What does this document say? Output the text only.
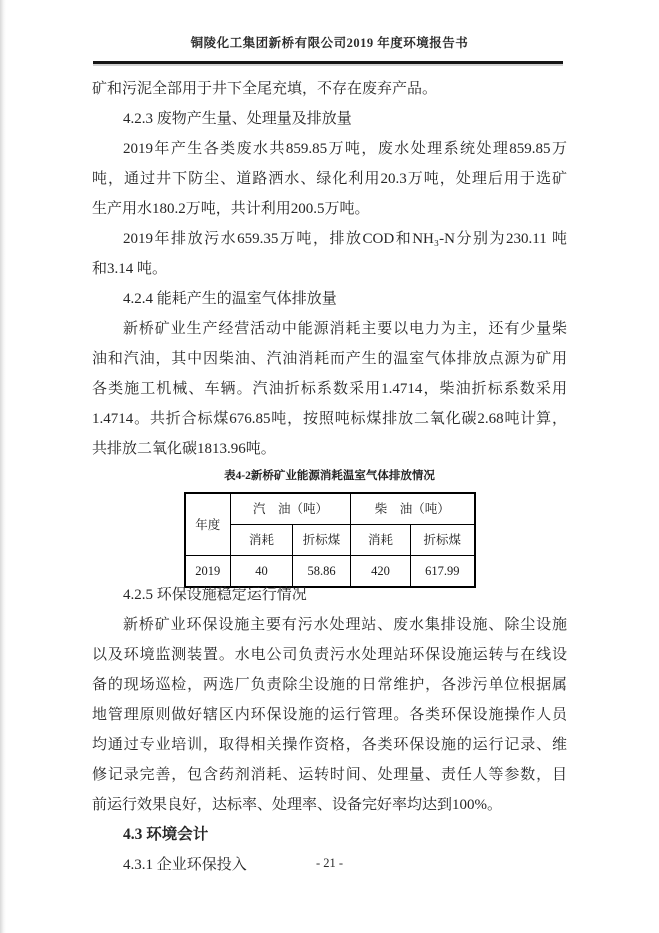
铜陵化工集团新桥有限公司2019 年度环境报告书
矿和污泥全部用于井下全尾充填，不存在废弃产品。
4.2.3 废物产生量、处理量及排放量
2019年产生各类废水共859.85万吨，废水处理系统处理859.85万
吨，通过井下防尘、道路洒水、绿化利用20.3万吨，处理后用于选矿
生产用水180.2万吨，共计利用200.5万吨。
2019年排放污水659.35万吨，排放COD和NH₃-N分别为230.11 吨
和3.14 吨。
4.2.4 能耗产生的温室气体排放量
新桥矿业生产经营活动中能源消耗主要以电力为主，还有少量柴
油和汽油，其中因柴油、汽油消耗而产生的温室气体排放点源为矿用
各类施工机械、车辆。汽油折标系数采用1.4714，柴油折标系数采用
1.4714。共折合标煤676.85吨，按照吨标煤排放二氧化碳2.68吨计算，
共排放二氧化碳1813.96吨。
表4-2新桥矿业能源消耗温室气体排放情况
年度	汽　油（吨）		柴　油（吨）	
	消耗	折标煤	消耗	折标煤
2019	40	58.86	420	617.99
4.2.5 环保设施稳定运行情况
新桥矿业环保设施主要有污水处理站、废水集排设施、除尘设施
以及环境监测装置。水电公司负责污水处理站环保设施运转与在线设
备的现场巡检，两选厂负责除尘设施的日常维护，各涉污单位根据属
地管理原则做好辖区内环保设施的运行管理。各类环保设施操作人员
均通过专业培训，取得相关操作资格，各类环保设施的运行记录、维
修记录完善，包含药剂消耗、运转时间、处理量、责任人等参数，目
前运行效果良好，达标率、处理率、设备完好率均达到100%。
4.3 环境会计
4.3.1 企业环保投入	- 21 -
